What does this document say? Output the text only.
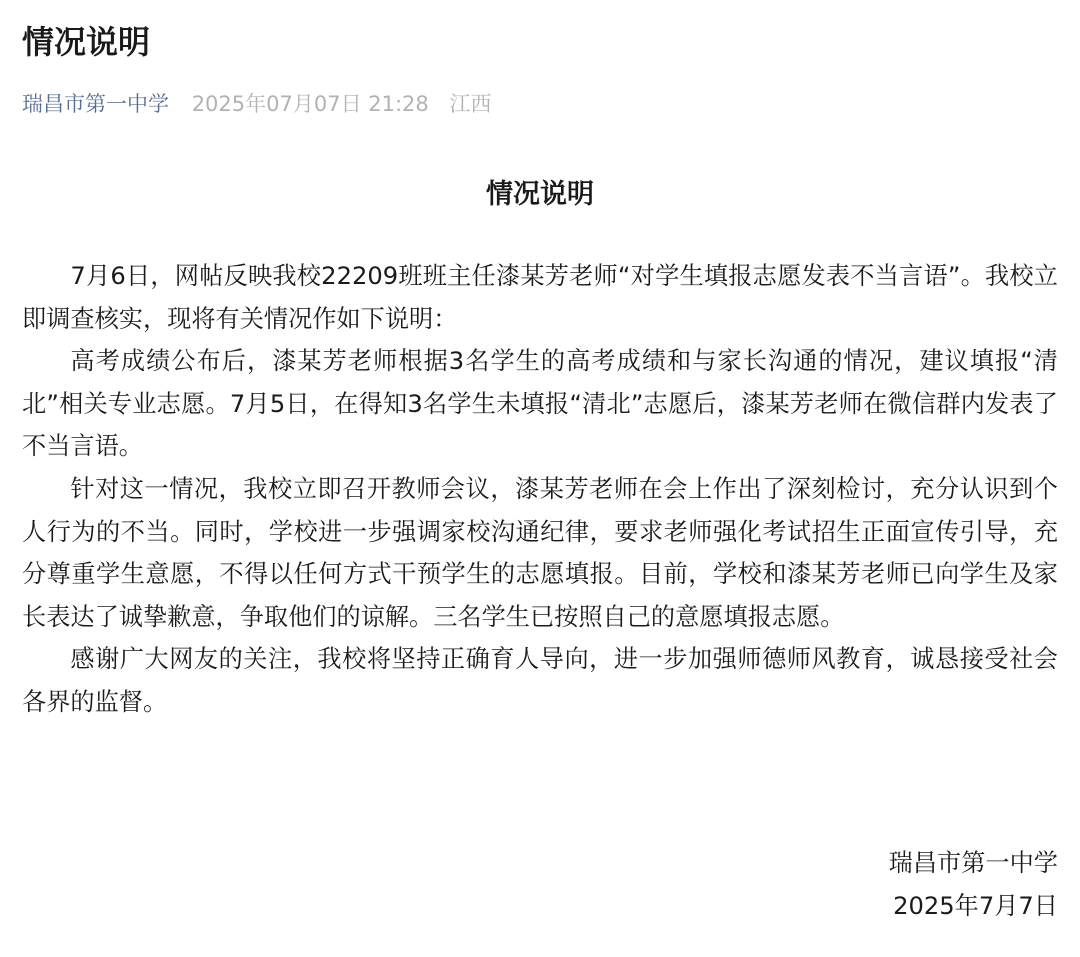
情况说明
瑞昌市第一中学 2025年07月07日 21:28 江西
情况说明

7月6日，网帖反映我校22209班班主任漆某芳老师“对学生填报志愿发表不当言语”。我校立即调查核实，现将有关情况作如下说明：

高考成绩公布后，漆某芳老师根据3名学生的高考成绩和与家长沟通的情况，建议填报“清北”相关专业志愿。7月5日，在得知3名学生未填报“清北”志愿后，漆某芳老师在微信群内发表了不当言语。

针对这一情况，我校立即召开教师会议，漆某芳老师在会上作出了深刻检讨，充分认识到个人行为的不当。同时，学校进一步强调家校沟通纪律，要求老师强化考试招生正面宣传引导，充分尊重学生意愿，不得以任何方式干预学生的志愿填报。目前，学校和漆某芳老师已向学生及家长表达了诚挚歉意，争取他们的谅解。三名学生已按照自己的意愿填报志愿。

感谢广大网友的关注，我校将坚持正确育人导向，进一步加强师德师风教育，诚恳接受社会各界的监督。

瑞昌市第一中学
2025年7月7日
